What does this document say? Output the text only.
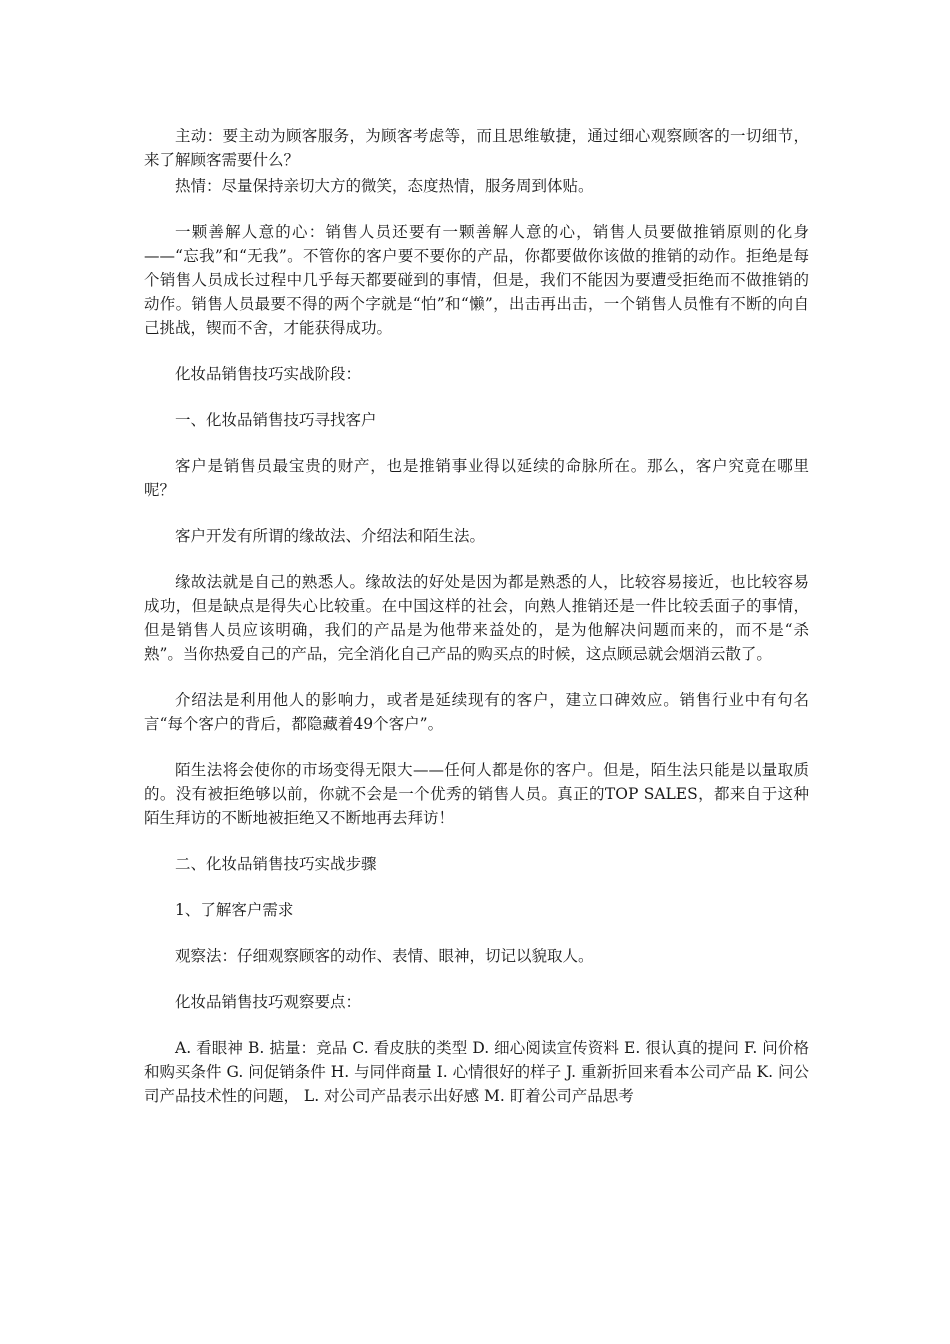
主动：要主动为顾客服务，为顾客考虑等，而且思维敏捷，通过细心观察顾客的一切细节，来了解顾客需要什么？

热情：尽量保持亲切大方的微笑，态度热情，服务周到体贴。

一颗善解人意的心：销售人员还要有一颗善解人意的心，销售人员要做推销原则的化身——“忘我”和“无我”。不管你的客户要不要你的产品，你都要做你该做的推销的动作。拒绝是每个销售人员成长过程中几乎每天都要碰到的事情，但是，我们不能因为要遭受拒绝而不做推销的动作。销售人员最要不得的两个字就是“怕”和“懒”，出击再出击，一个销售人员惟有不断的向自己挑战，锲而不舍，才能获得成功。

化妆品销售技巧实战阶段：

一、化妆品销售技巧寻找客户

客户是销售员最宝贵的财产，也是推销事业得以延续的命脉所在。那么，客户究竟在哪里呢？

客户开发有所谓的缘故法、介绍法和陌生法。

缘故法就是自己的熟悉人。缘故法的好处是因为都是熟悉的人，比较容易接近，也比较容易成功，但是缺点是得失心比较重。在中国这样的社会，向熟人推销还是一件比较丢面子的事情，但是销售人员应该明确，我们的产品是为他带来益处的，是为他解决问题而来的，而不是“杀熟”。当你热爱自己的产品，完全消化自己产品的购买点的时候，这点顾忌就会烟消云散了。

介绍法是利用他人的影响力，或者是延续现有的客户，建立口碑效应。销售行业中有句名言“每个客户的背后，都隐藏着49个客户”。

陌生法将会使你的市场变得无限大——任何人都是你的客户。但是，陌生法只能是以量取质的。没有被拒绝够以前，你就不会是一个优秀的销售人员。真正的TOP SALES，都来自于这种陌生拜访的不断地被拒绝又不断地再去拜访！

二、化妆品销售技巧实战步骤

1、了解客户需求

观察法：仔细观察顾客的动作、表情、眼神，切记以貌取人。

化妆品销售技巧观察要点：

A. 看眼神 B. 掂量：竞品 C. 看皮肤的类型 D. 细心阅读宣传资料 E. 很认真的提问 F. 问价格和购买条件 G. 问促销条件 H. 与同伴商量 I. 心情很好的样子 J. 重新折回来看本公司产品 K. 问公司产品技术性的问题， L. 对公司产品表示出好感 M. 盯着公司产品思考
